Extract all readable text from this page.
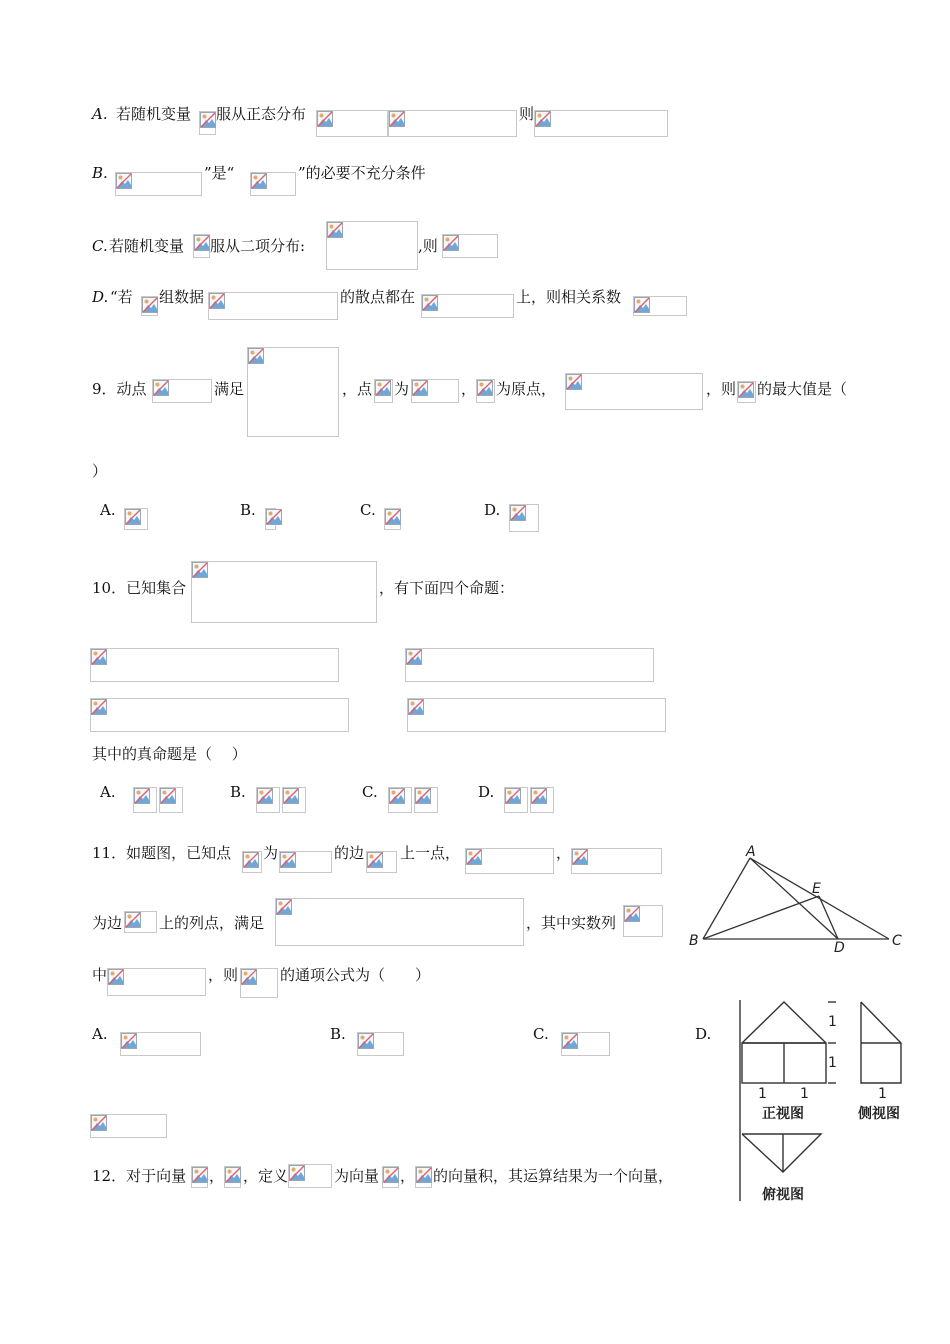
A. 若随机变量 服从正态分布	则
B.	”是“	”的必要不充分条件
C. 若随机变量 服从二项分布:	,则
D. “若 组数据	的散点都在	上，则相关系数
9．动点	满足	，点 为	， 为原点，	，则 的最大值是（
）
A.	B.	C.	D.
10．已知集合	，有下面四个命题：
其中的真命题是（　 ）
A.	B.	C.	D.
11．如题图，已知点 为	的边 上一点，	，
为边 上的列点，满足	，其中实数列
中	，则	的通项公式为（　　）
A.	B.	C.	D.
A
B	C
D
E
1
1
1 1	1
正视图	侧视图
俯视图
12．对于向量 ， ，定义	为向量 ， 的向量积，其运算结果为一个向量，
